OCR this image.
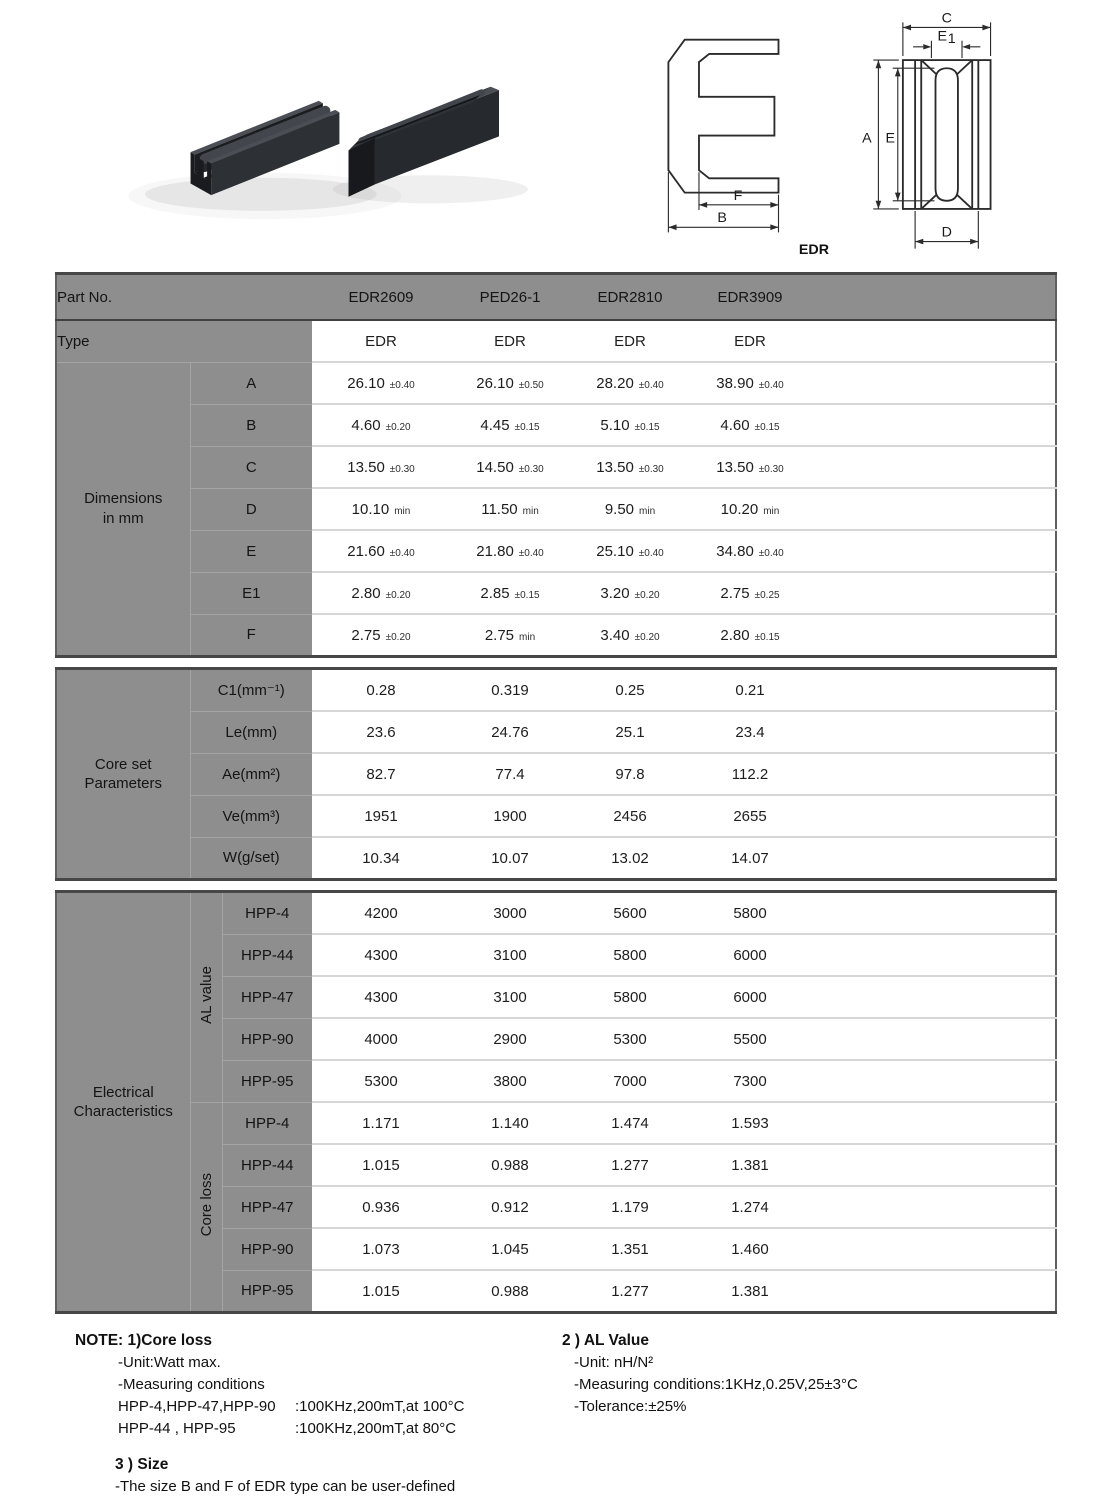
F
B
C
E 1
A E
D
EDR
Part No.		EDR2609	PED26-1	EDR2810	EDR3909	
Type		EDR	EDR	EDR	EDR	
Dimensions
in mm	A	26.10 ±0.40	26.10 ±0.50	28.20 ±0.40	38.90 ±0.40	
	B	4.60 ±0.20	4.45 ±0.15	5.10 ±0.15	4.60 ±0.15	
	C	13.50 ±0.30	14.50 ±0.30	13.50 ±0.30	13.50 ±0.30	
	D	10.10 min	11.50 min	9.50 min	10.20 min	
	E	21.60 ±0.40	21.80 ±0.40	25.10 ±0.40	34.80 ±0.40	
	E1	2.80 ±0.20	2.85 ±0.15	3.20 ±0.20	2.75 ±0.25	
	F	2.75 ±0.20	2.75 min	3.40 ±0.20	2.80 ±0.15	
Core set
Parameters	C1(mm⁻¹)	0.28	0.319	0.25	0.21	
	Le(mm)	23.6	24.76	25.1	23.4	
	Ae(mm²)	82.7	77.4	97.8	112.2	
	Ve(mm³)	1951	1900	2456	2655	
	W(g/set)	10.34	10.07	13.02	14.07	
Electrical
Characteristics	AL value	HPP-4	4200	3000	5600	5800	
		HPP-44	4300	3100	5800	6000	
		HPP-47	4300	3100	5800	6000	
		HPP-90	4000	2900	5300	5500	
		HPP-95	5300	3800	7000	7300	
	Core loss	HPP-4	1.171	1.140	1.474	1.593	
		HPP-44	1.015	0.988	1.277	1.381	
		HPP-47	0.936	0.912	1.179	1.274	
		HPP-90	1.073	1.045	1.351	1.460	
		HPP-95	1.015	0.988	1.277	1.381	
NOTE: 1)Core loss
-Unit:Watt max.
-Measuring conditions
HPP-4,HPP-47,HPP-90 :100KHz,200mT,at 100°C
HPP-44 , HPP-95	:100KHz,200mT,at 80°C
3 ) Size
-The size B and F of EDR type can be user-defined
2 ) AL Value
-Unit: nH/N²
-Measuring conditions:1KHz,0.25V,25±3°C
-Tolerance:±25%
